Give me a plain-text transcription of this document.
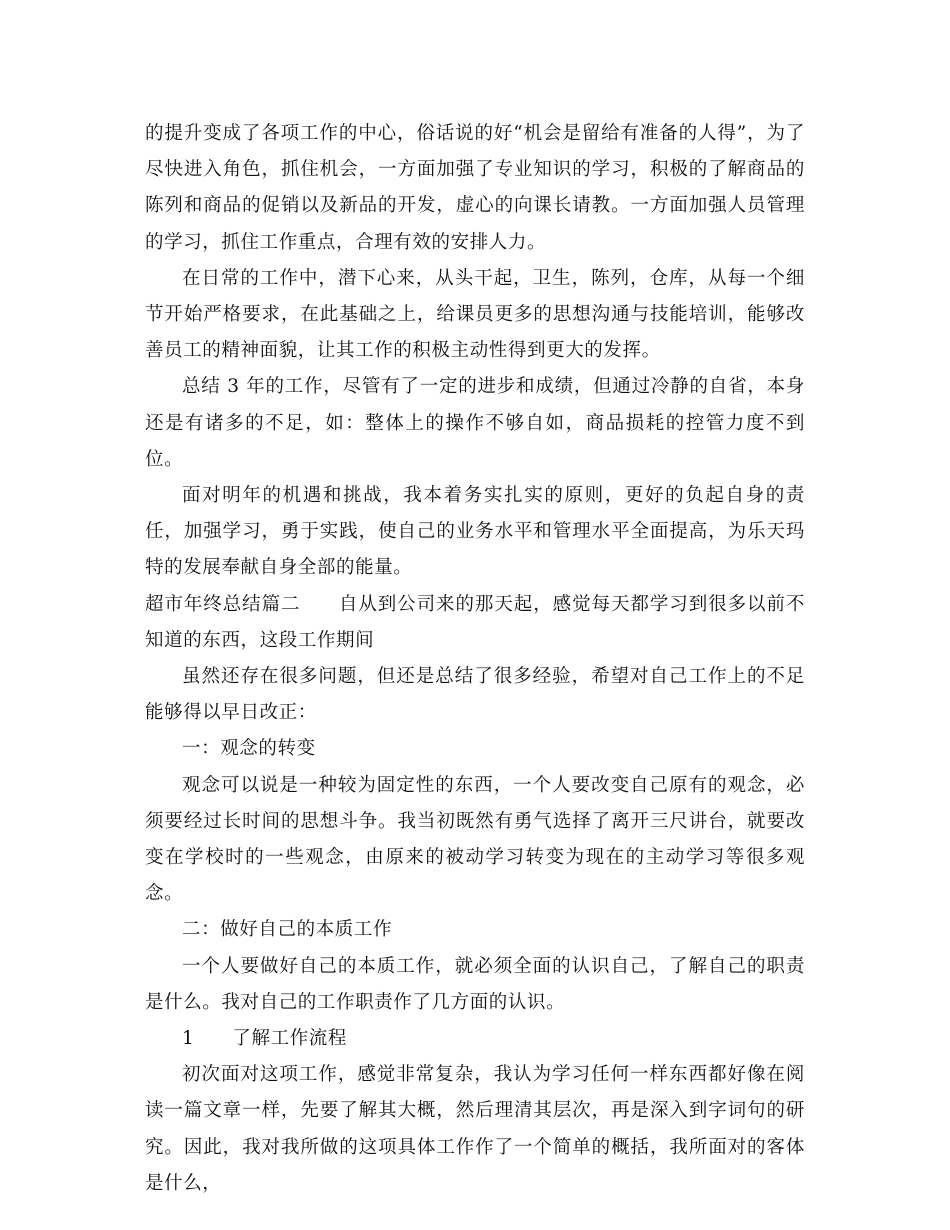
的提升变成了各项工作的中心，俗话说的好“机会是留给有准备的人得”，为了尽快进入角色，抓住机会，一方面加强了专业知识的学习，积极的了解商品的陈列和商品的促销以及新品的开发，虚心的向课长请教。一方面加强人员管理的学习，抓住工作重点，合理有效的安排人力。

在日常的工作中，潜下心来，从头干起，卫生，陈列，仓库，从每一个细节开始严格要求，在此基础之上，给课员更多的思想沟通与技能培训，能够改善员工的精神面貌，让其工作的积极主动性得到更大的发挥。

总结 3 年的工作，尽管有了一定的进步和成绩，但通过冷静的自省，本身还是有诸多的不足，如：整体上的操作不够自如，商品损耗的控管力度不到位。

面对明年的机遇和挑战，我本着务实扎实的原则，更好的负起自身的责任，加强学习，勇于实践，使自己的业务水平和管理水平全面提高，为乐天玛特的发展奉献自身全部的能量。

超市年终总结篇二 自从到公司来的那天起，感觉每天都学习到很多以前不知道的东西，这段工作期间

虽然还存在很多问题，但还是总结了很多经验，希望对自己工作上的不足能够得以早日改正：

一：观念的转变

观念可以说是一种较为固定性的东西，一个人要改变自己原有的观念，必须要经过长时间的思想斗争。我当初既然有勇气选择了离开三尺讲台，就要改变在学校时的一些观念，由原来的被动学习转变为现在的主动学习等很多观念。

二：做好自己的本质工作

一个人要做好自己的本质工作，就必须全面的认识自己，了解自己的职责是什么。我对自己的工作职责作了几方面的认识。

1 了解工作流程

初次面对这项工作，感觉非常复杂，我认为学习任何一样东西都好像在阅读一篇文章一样，先要了解其大概，然后理清其层次，再是深入到字词句的研究。因此，我对我所做的这项具体工作作了一个简单的概括，我所面对的客体是什么，
